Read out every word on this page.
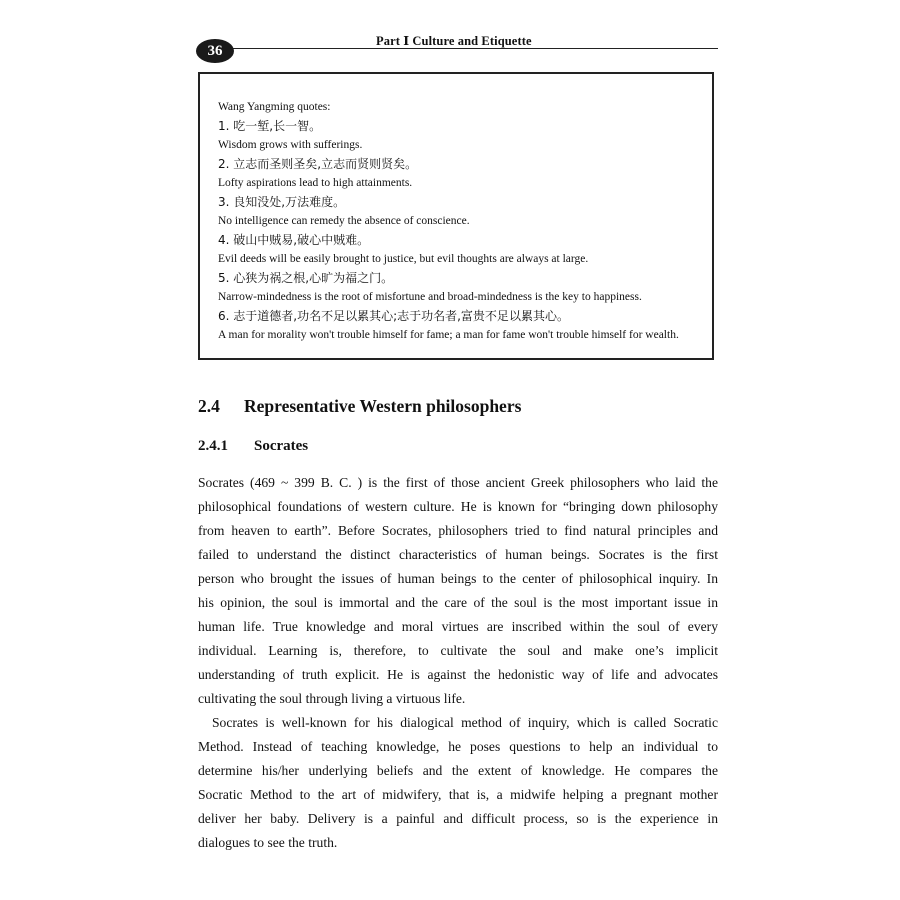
36
Part Ⅰ Culture and Etiquette
Wang Yangming quotes:
1. 吃一堑,长一智。
Wisdom grows with sufferings.
2. 立志而圣则圣矣,立志而贤则贤矣。
Lofty aspirations lead to high attainments.
3. 良知没处,万法难度。
No intelligence can remedy the absence of conscience.
4. 破山中贼易,破心中贼难。
Evil deeds will be easily brought to justice, but evil thoughts are always at large.
5. 心狭为祸之根,心旷为福之门。
Narrow-mindedness is the root of misfortune and broad-mindedness is the key to happiness.
6. 志于道德者,功名不足以累其心;志于功名者,富贵不足以累其心。
A man for morality won't trouble himself for fame; a man for fame won't trouble himself for wealth.
2.4 Representative Western philosophers
2.4.1 Socrates
Socrates (469 ~ 399 B. C. ) is the first of those ancient Greek philosophers who laid the
philosophical foundations of western culture. He is known for “bringing down philosophy
from heaven to earth”. Before Socrates, philosophers tried to find natural principles and
failed to understand the distinct characteristics of human beings. Socrates is the first
person who brought the issues of human beings to the center of philosophical inquiry. In
his opinion, the soul is immortal and the care of the soul is the most important issue in
human life. True knowledge and moral virtues are inscribed within the soul of every
individual. Learning is, therefore, to cultivate the soul and make one’s implicit
understanding of truth explicit. He is against the hedonistic way of life and advocates
cultivating the soul through living a virtuous life.
Socrates is well-known for his dialogical method of inquiry, which is called Socratic
Method. Instead of teaching knowledge, he poses questions to help an individual to
determine his/her underlying beliefs and the extent of knowledge. He compares the
Socratic Method to the art of midwifery, that is, a midwife helping a pregnant mother
deliver her baby. Delivery is a painful and difficult process, so is the experience in
dialogues to see the truth.
